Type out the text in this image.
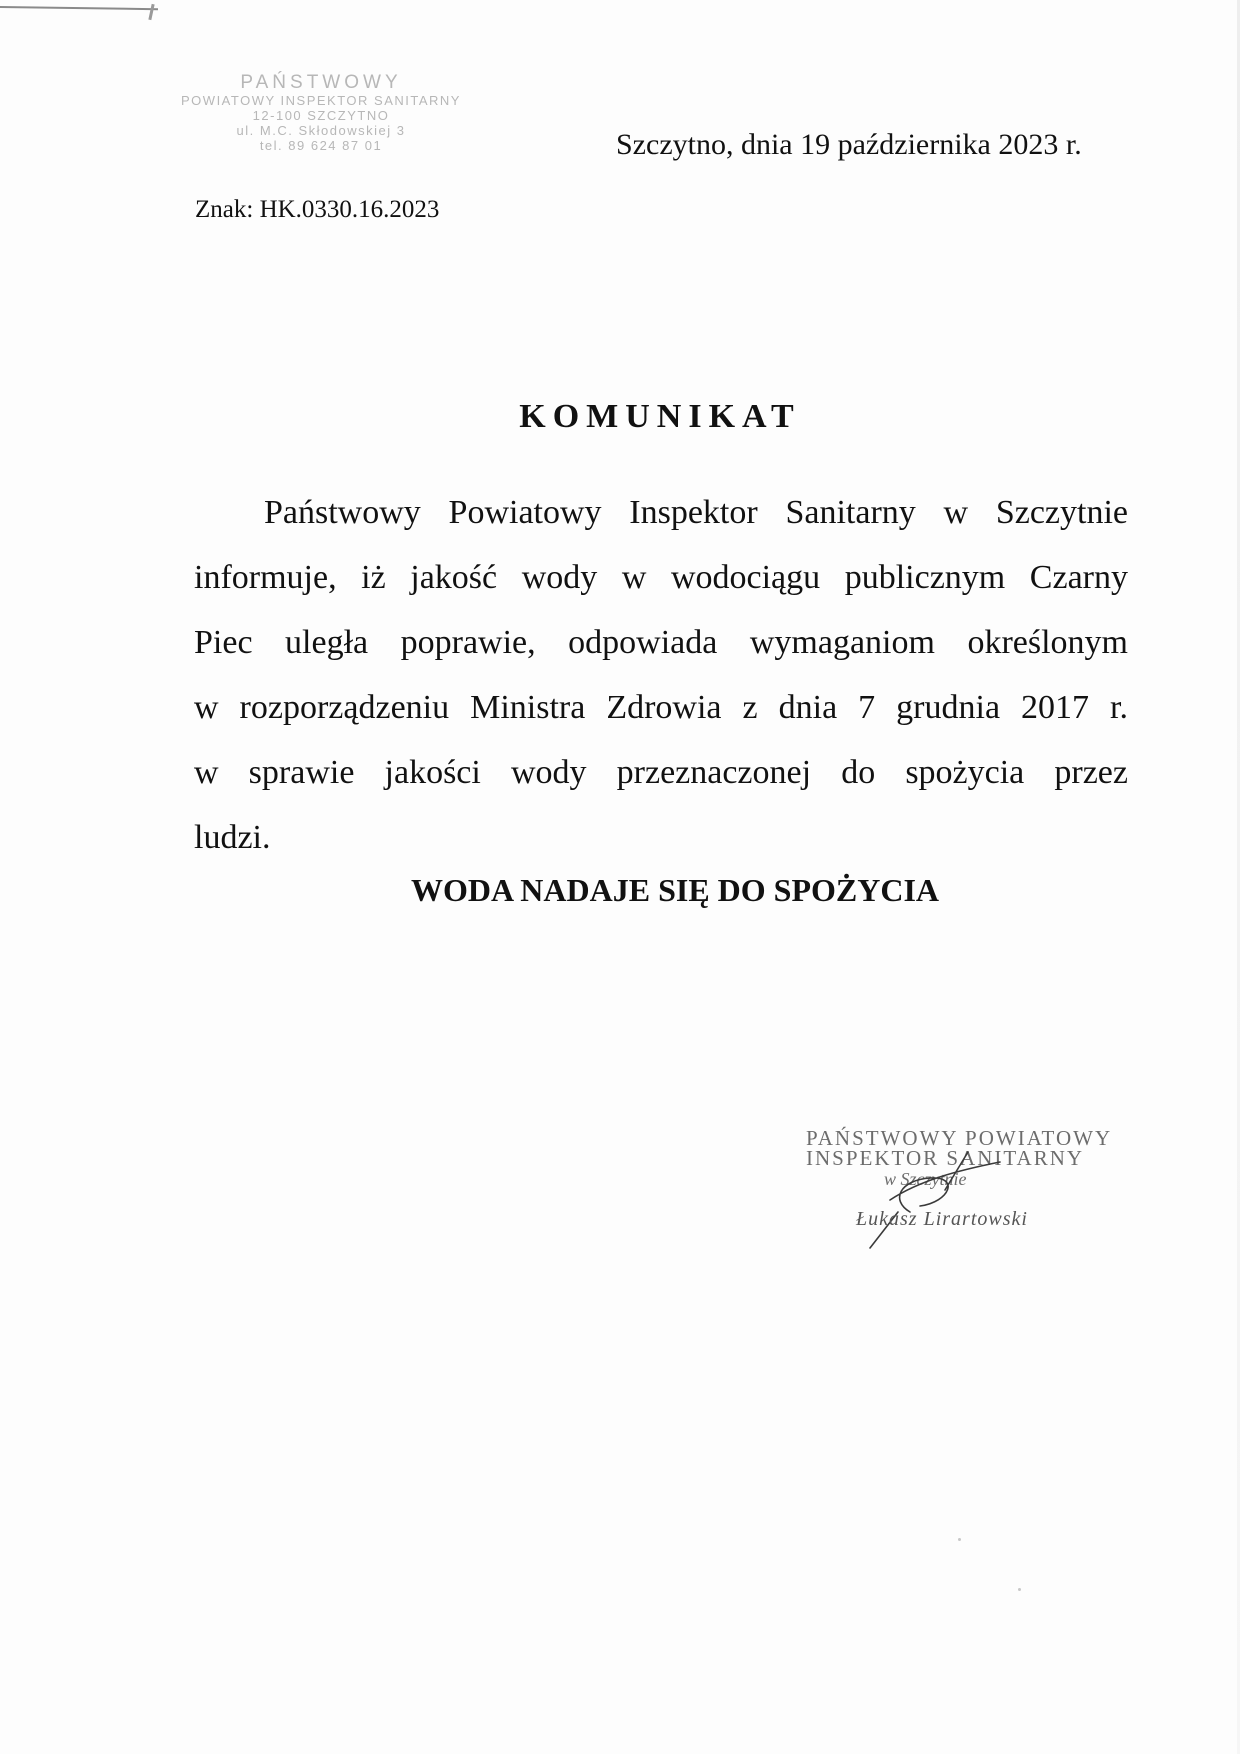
PAŃSTWOWY
POWIATOWY INSPEKTOR SANITARNY
12-100 SZCZYTNO
ul. M.C. Skłodowskiej 3
tel. 89 624 87 01	Szczytno, dnia 19 października 2023 r.
Znak: HK.0330.16.2023
KOMUNIKAT
Państwowy Powiatowy Inspektor Sanitarny w Szczytnie
informuje, iż jakość wody w wodociągu publicznym Czarny
Piec uległa poprawie, odpowiada wymaganiom określonym
w rozporządzeniu Ministra Zdrowia z dnia 7 grudnia 2017 r.
w sprawie jakości wody przeznaczonej do spożycia przez
ludzi.
WODA NADAJE SIĘ DO SPOŻYCIA
PAŃSTWOWY POWIATOWY
INSPEKTOR SANITARNY
w Szczytnie
Łukasz Lirartowski
